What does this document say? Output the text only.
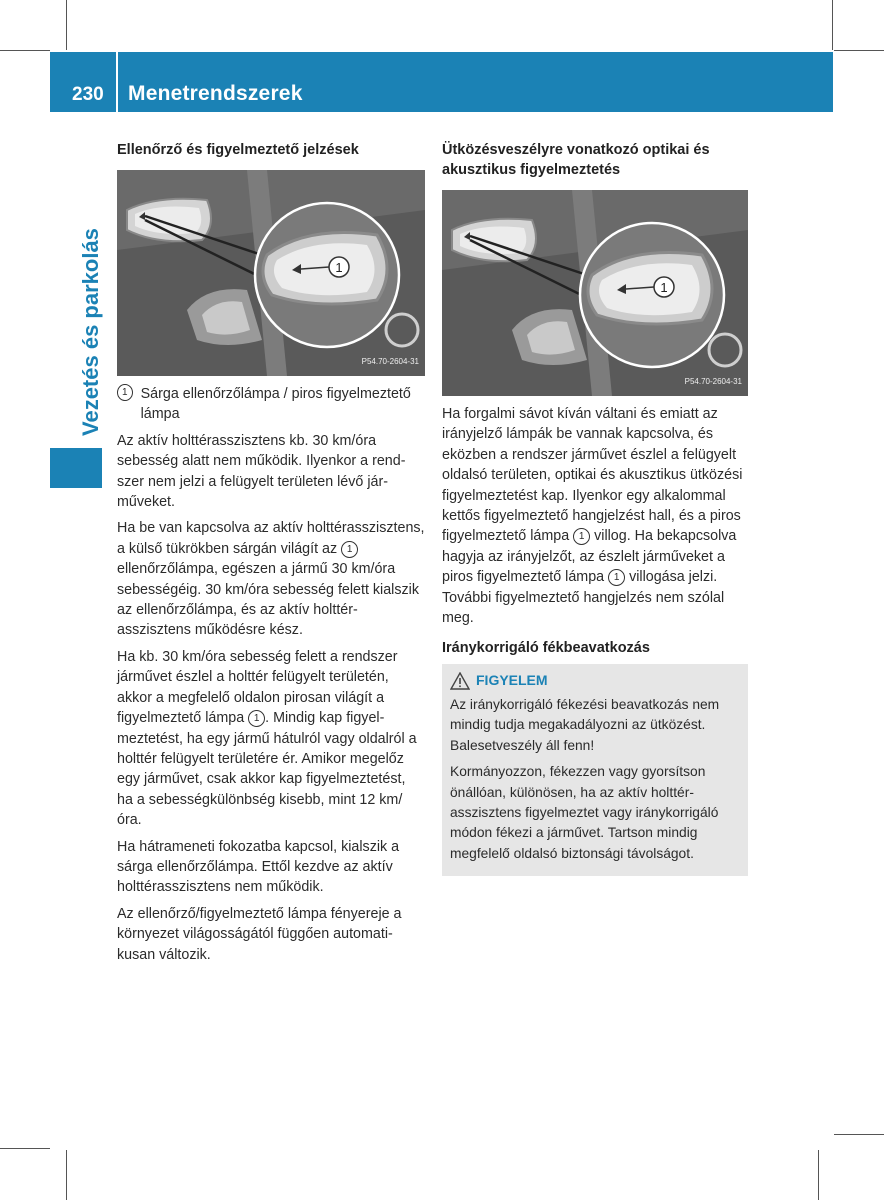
230 Menetrendszerek
Vezetés és parkolás
Ellenőrző és figyelmeztető jelzések
1
P54.70-2604-31
1 Sárga ellenőrzőlámpa / piros figyelmeztető lámpa

Az aktív holttérasszisztens kb. 30 km/óra sebesség alatt nem működik. Ilyenkor a rendszer nem jelzi a felügyelt területen lévő járműveket.

Ha be van kapcsolva az aktív holttérasszisztens, a külső tükrökben sárgán világít az 1 ellenőrzőlámpa, egészen a jármű 30 km/óra sebességéig. 30 km/óra sebesség felett kialszik az ellenőrzőlámpa, és az aktív holttérasszisztens működésre kész.

Ha kb. 30 km/óra sebesség felett a rendszer járművet észlel a holttér felügyelt területén, akkor a megfelelő oldalon pirosan világít a figyelmeztető lámpa 1 . Mindig kap figyelmeztetést, ha egy jármű hátulról vagy oldalról a holttér felügyelt területére ér. Amikor megelőz egy járművet, csak akkor kap figyelmeztetést, ha a sebességkülönbség kisebb, mint 12 km/óra.

Ha hátrameneti fokozatba kapcsol, kialszik a sárga ellenőrzőlámpa. Ettől kezdve az aktív holttérasszisztens nem működik.

Az ellenőrző/figyelmeztető lámpa fényereje a környezet világosságától függően automatikusan változik.

Ütközésveszélyre vonatkozó optikai és akusztikus figyelmeztetés
1
P54.70-2604-31

Ha forgalmi sávot kíván váltani és emiatt az irányjelző lámpák be vannak kapcsolva, és eközben a rendszer járművet észlel a felügyelt oldalsó területen, optikai és akusztikus ütközési figyelmeztetést kap. Ilyenkor egy alkalommal kettős figyelmeztető hangjelzést hall, és a piros figyelmeztető lámpa 1 villog. Ha bekapcsolva hagyja az irányjelzőt, az észlelt járműveket a piros figyelmeztető lámpa 1 villogása jelzi. További figyelmeztető hangjelzés nem szólal meg.

Iránykorrigáló fékbeavatkozás
FIGYELEM

Az iránykorrigáló fékezési beavatkozás nem mindig tudja megakadályozni az ütközést. Balesetveszély áll fenn!

Kormányozzon, fékezzen vagy gyorsítson önállóan, különösen, ha az aktív holttérasszisztens figyelmeztet vagy iránykorrigáló módon fékezi a járművet. Tartson mindig megfelelő oldalsó biztonsági távolságot.
